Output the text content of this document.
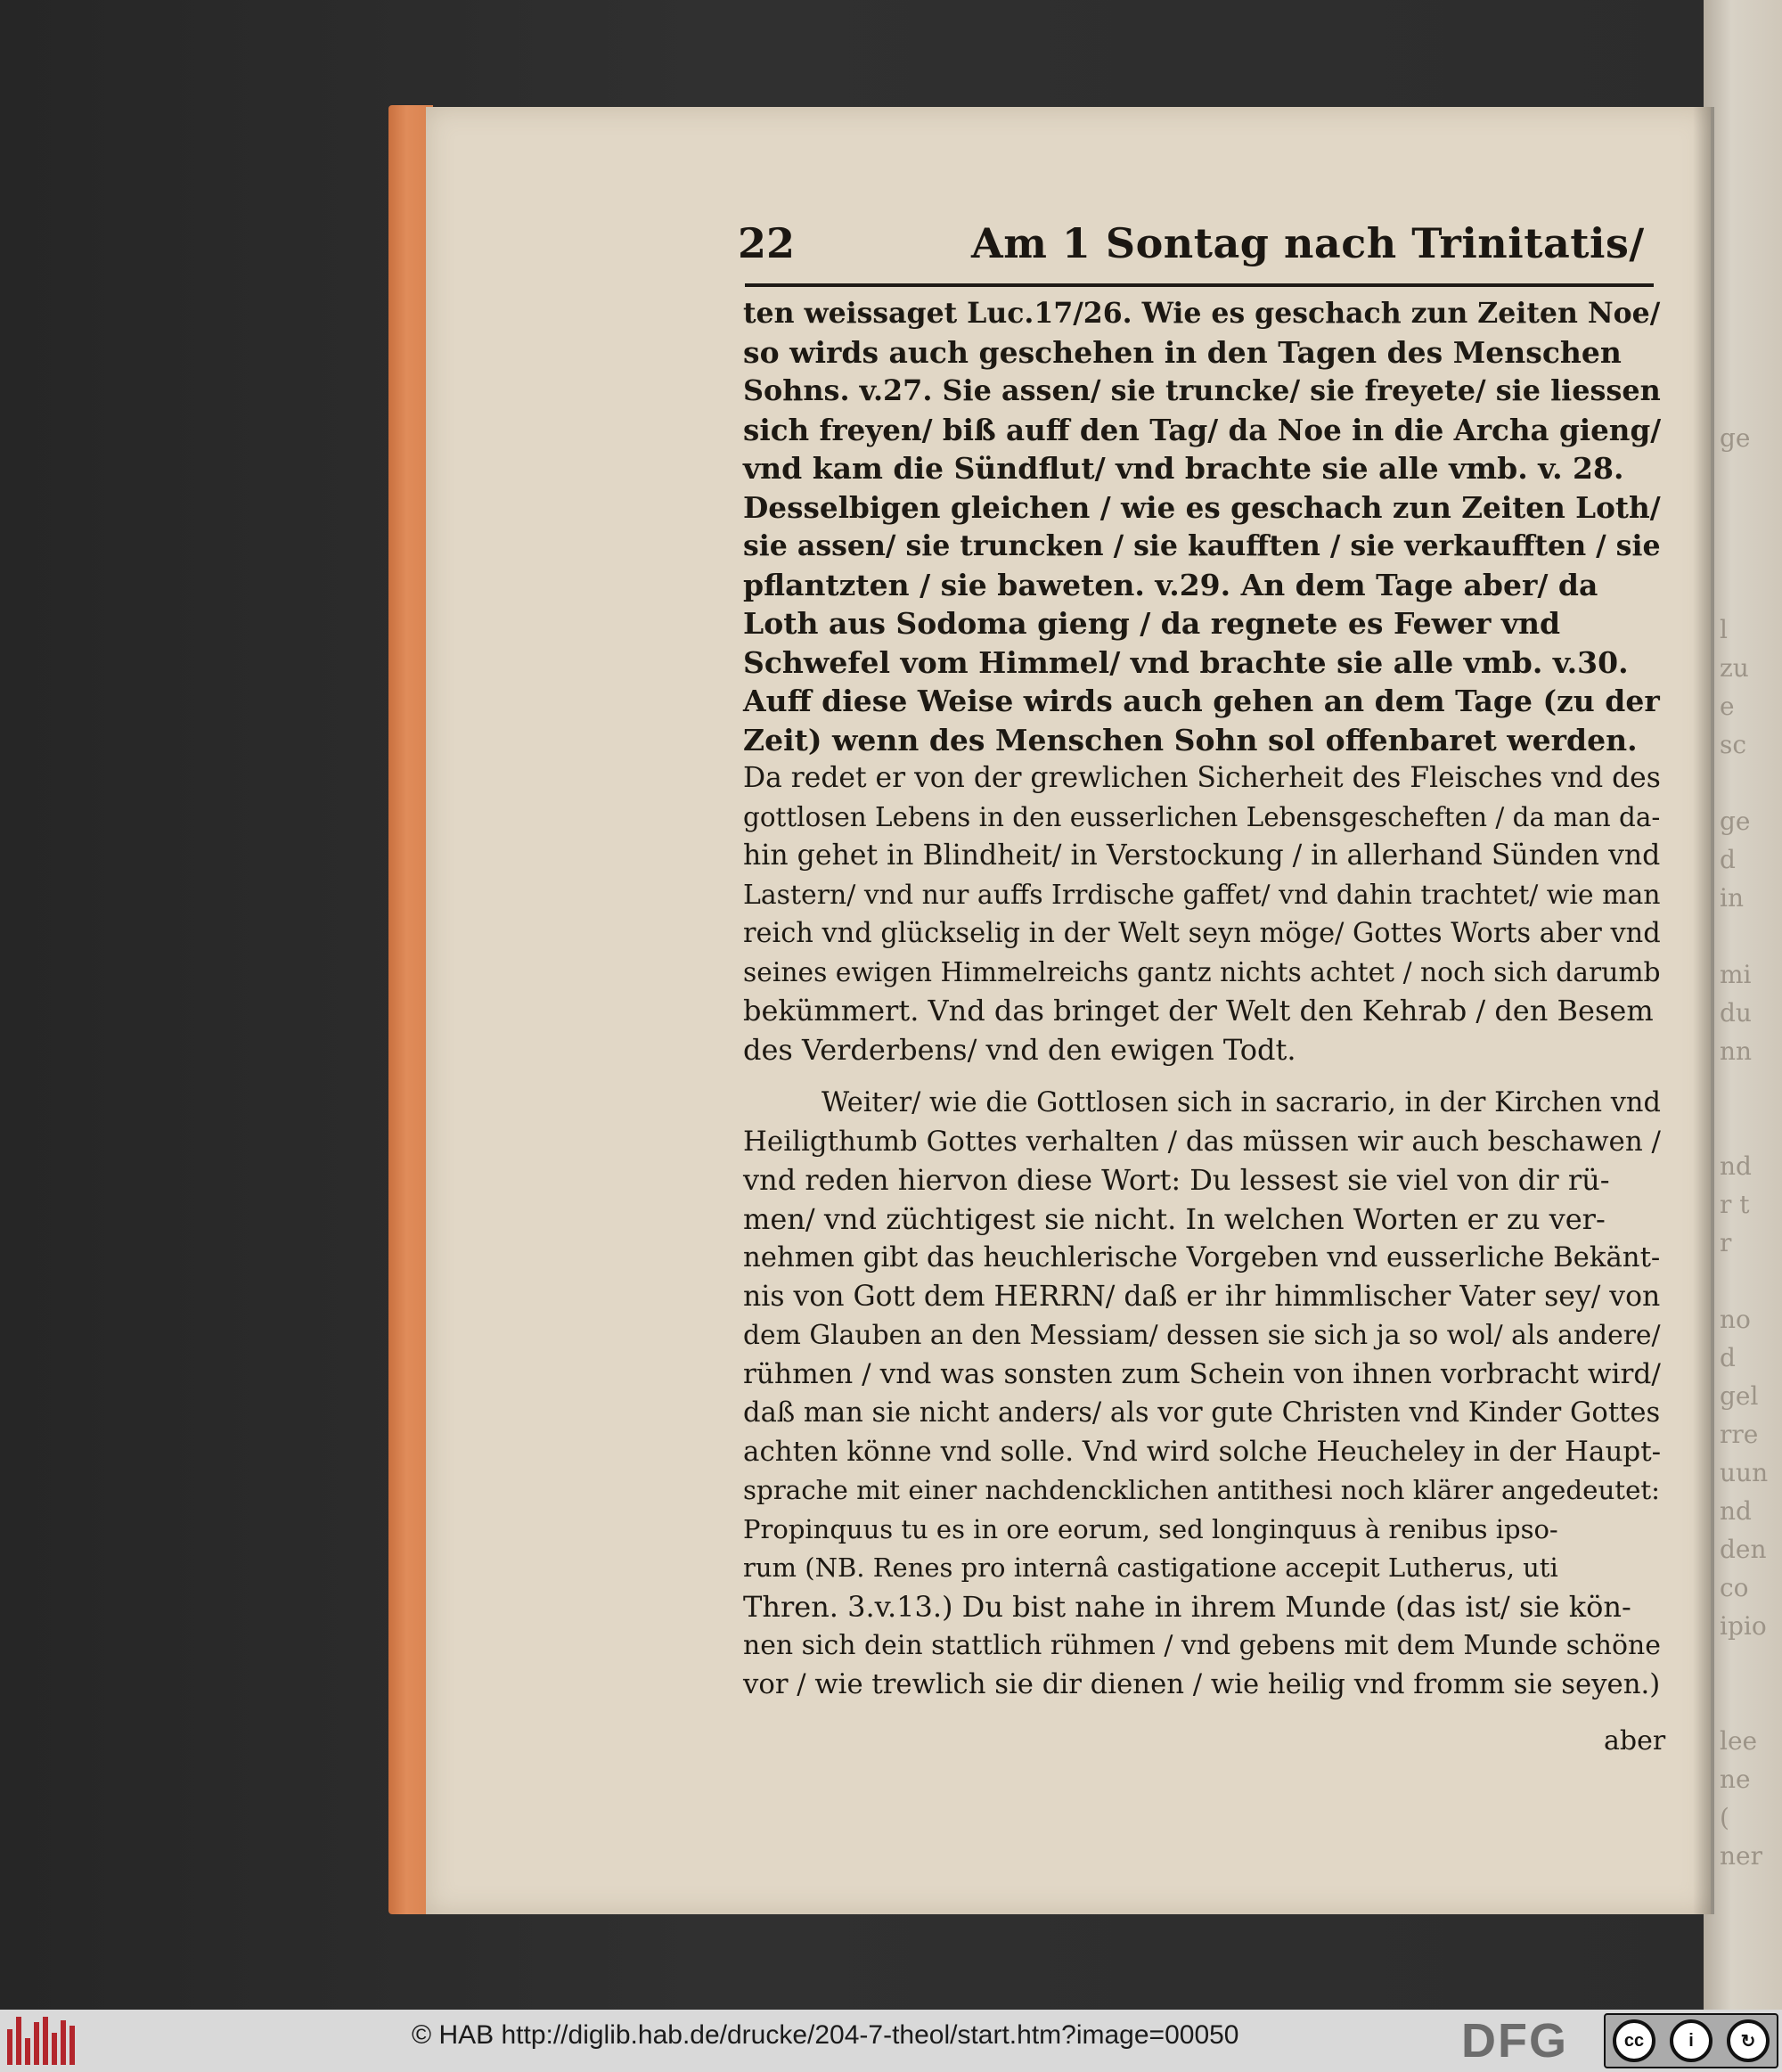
ge

l
zu
e
sc

ge
d
in

mi
du
nn

nd
r t
r

no
d
gel
rre
uun
nd
den
co
ipio

lee
ne
(
ner
22	Am 1 Sontag nach Trinitatis/
ten weissaget Luc.17/26. Wie es geschach zun Zeiten Noe/
so wirds auch geschehen in den Tagen des Menschen
Sohns. v.27. Sie assen/ sie truncke/ sie freyete/ sie liessen
sich freyen/ biß auff den Tag/ da Noe in die Archa gieng/
vnd kam die Sündflut/ vnd brachte sie alle vmb. v. 28.
Desselbigen gleichen / wie es geschach zun Zeiten Loth/
sie assen/ sie truncken / sie kaufften / sie verkaufften / sie
pflantzten / sie baweten. v.29. An dem Tage aber/ da
Loth aus Sodoma gieng / da regnete es Fewer vnd
Schwefel vom Himmel/ vnd brachte sie alle vmb. v.30.
Auff diese Weise wirds auch gehen an dem Tage (zu der
Zeit) wenn des Menschen Sohn sol offenbaret werden.
Da redet er von der grewlichen Sicherheit des Fleisches vnd des
gottlosen Lebens in den eusserlichen Lebensgescheften / da man da-
hin gehet in Blindheit/ in Verstockung / in allerhand Sünden vnd
Lastern/ vnd nur auffs Irrdische gaffet/ vnd dahin trachtet/ wie man
reich vnd glückselig in der Welt seyn möge/ Gottes Worts aber vnd
seines ewigen Himmelreichs gantz nichts achtet / noch sich darumb
bekümmert. Vnd das bringet der Welt den Kehrab / den Besem
des Verderbens/ vnd den ewigen Todt.
Weiter/ wie die Gottlosen sich in sacrario, in der Kirchen vnd
Heiligthumb Gottes verhalten / das müssen wir auch beschawen /
vnd reden hiervon diese Wort: Du lessest sie viel von dir rü-
men/ vnd züchtigest sie nicht. In welchen Worten er zu ver-
nehmen gibt das heuchlerische Vorgeben vnd eusserliche Bekänt-
nis von Gott dem HERRN/ daß er ihr himmlischer Vater sey/ von
dem Glauben an den Messiam/ dessen sie sich ja so wol/ als andere/
rühmen / vnd was sonsten zum Schein von ihnen vorbracht wird/
daß man sie nicht anders/ als vor gute Christen vnd Kinder Gottes
achten könne vnd solle. Vnd wird solche Heucheley in der Haupt-
sprache mit einer nachdencklichen antithesi noch klärer angedeutet:
Propinquus tu es in ore eorum, sed longinquus à renibus ipso-
rum (NB. Renes pro internâ castigatione accepit Lutherus, uti
Thren. 3.v.13.) Du bist nahe in ihrem Munde (das ist/ sie kön-
nen sich dein stattlich rühmen / vnd gebens mit dem Munde schöne
vor / wie trewlich sie dir dienen / wie heilig vnd fromm sie seyen.)
aber
© HAB http://diglib.hab.de/drucke/204-7-theol/start.htm?image=00050	DFG	cc	i	↻
